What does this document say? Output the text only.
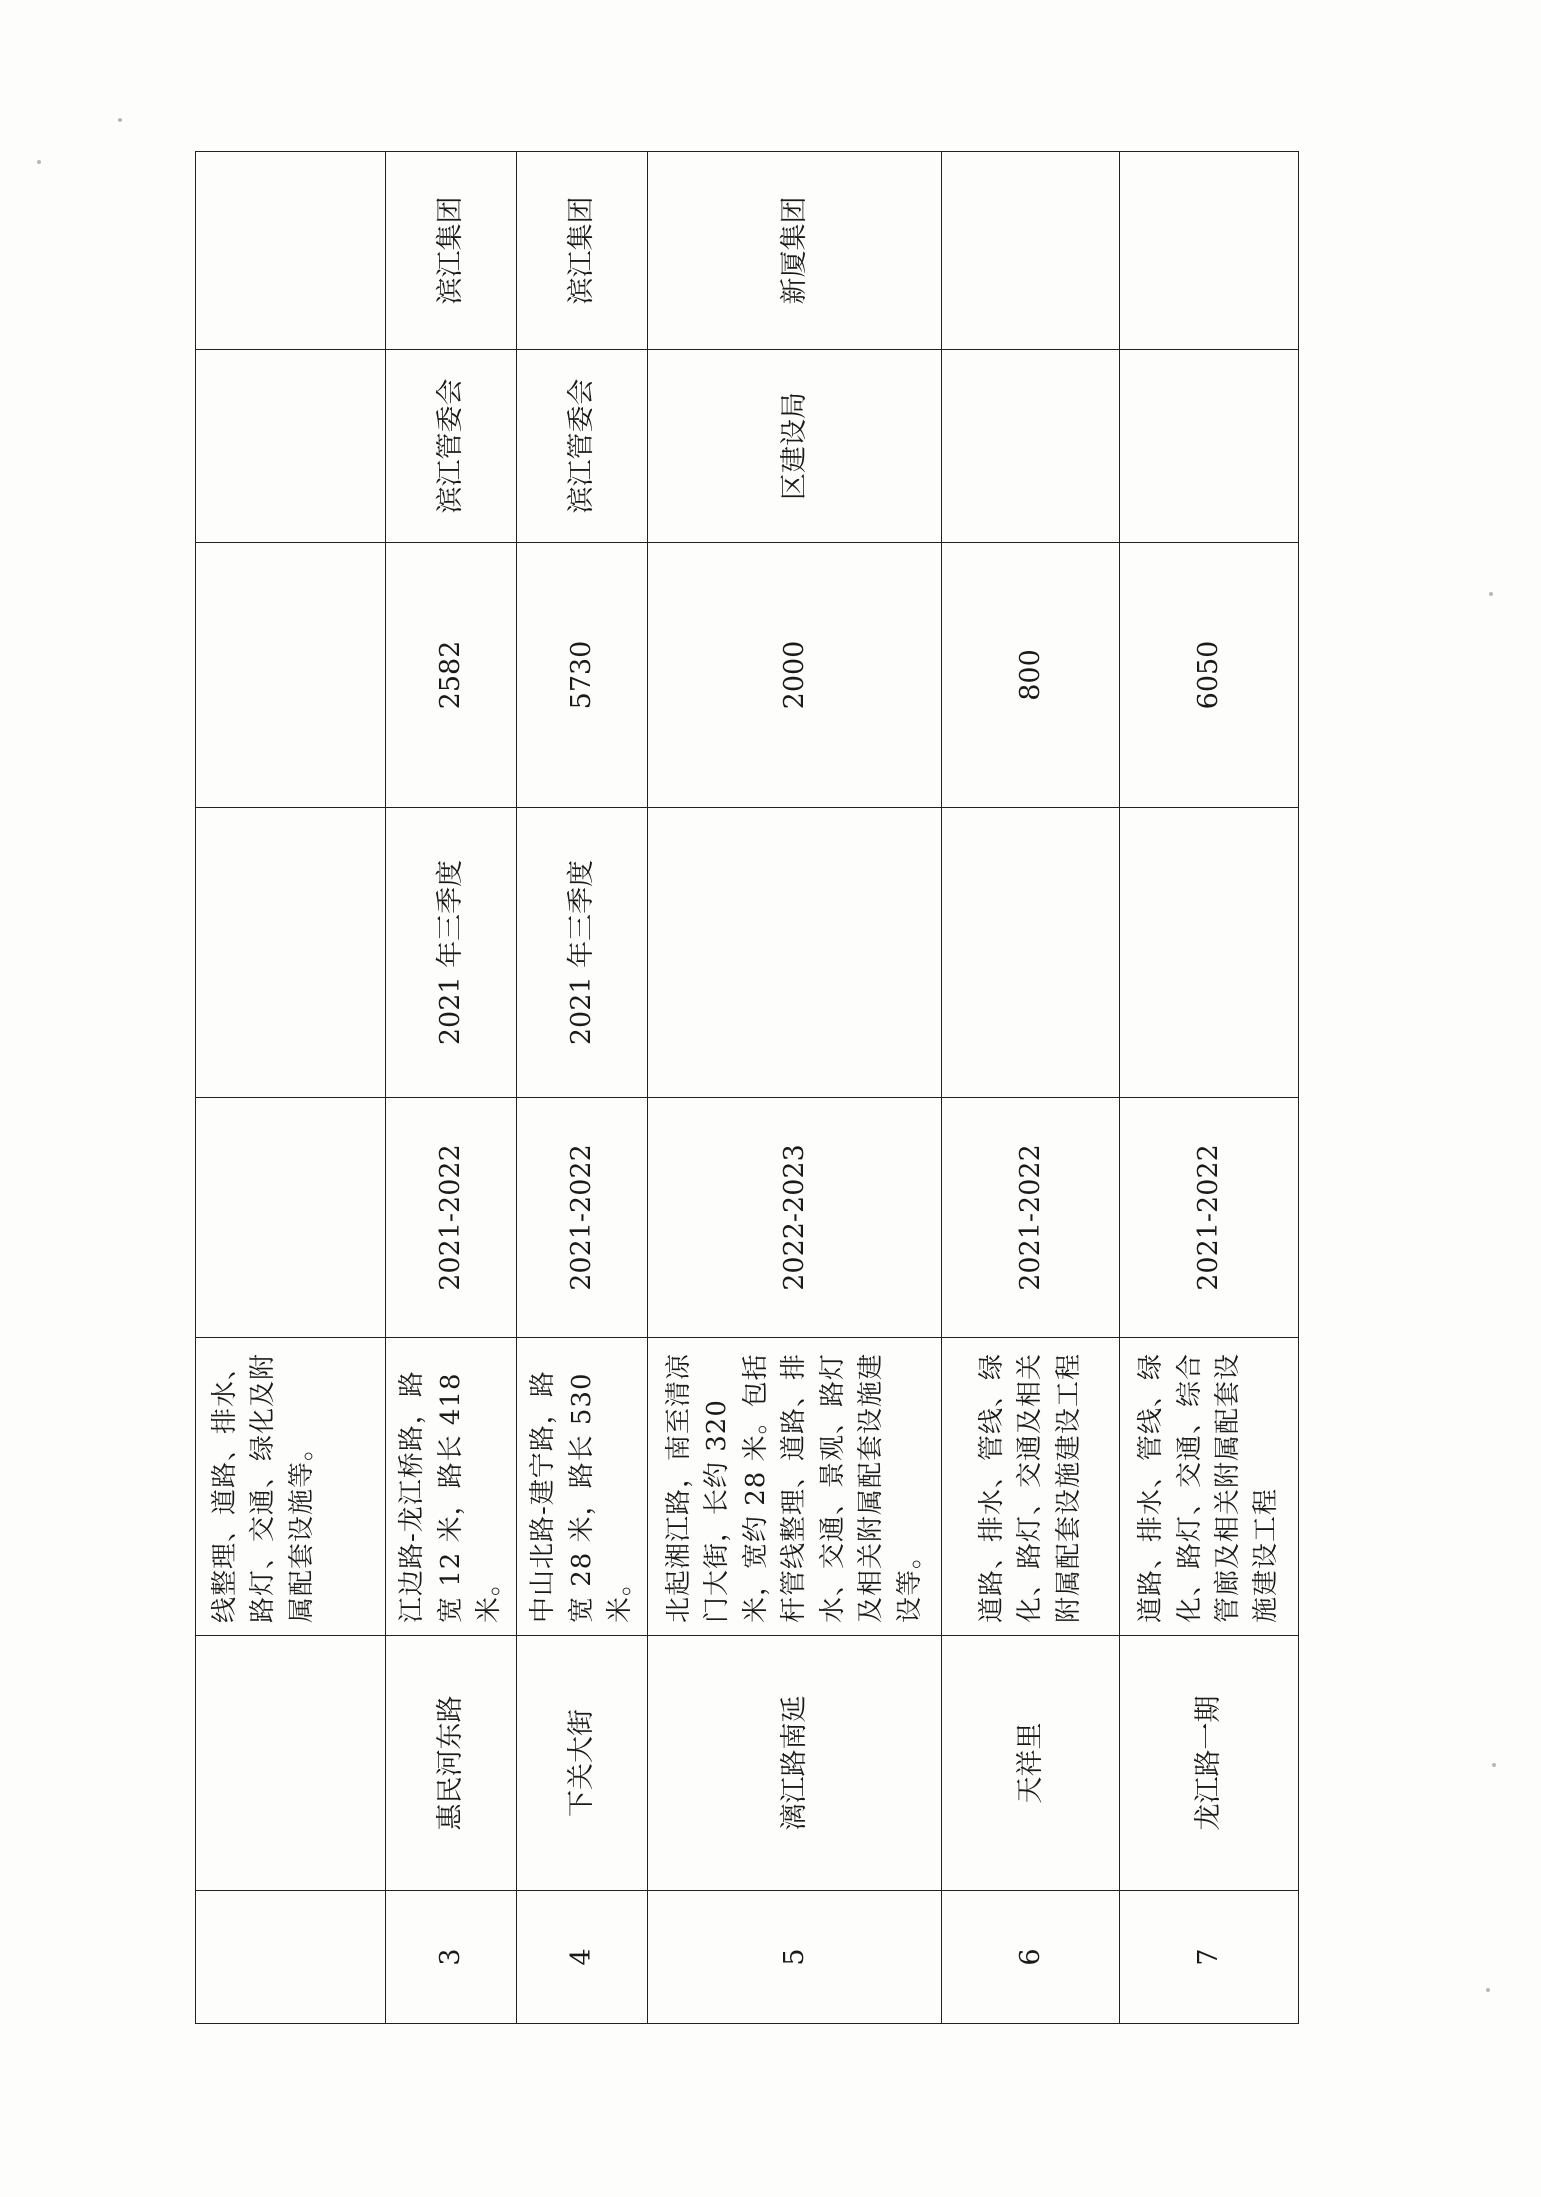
		线整理、道路、排水、路灯、交通、绿化及附属配套设施等。					
3	惠民河东路	江边路-龙江桥路，路宽 12 米，路长 418 米。	2021-2022	2021 年三季度	2582	滨江管委会	滨江集团
4	下关大街	中山北路-建宁路，路宽 28 米，路长 530 米。	2021-2022	2021 年三季度	5730	滨江管委会	滨江集团
5	漓江路南延	北起湘江路，南至清凉门大街，长约 320 米，宽约 28 米。包括杆管线整理、道路、排水、交通、景观、路灯及相关附属配套设施建设等。	2022-2023		2000	区建设局	新厦集团
6	天祥里	道路、排水、管线、绿化、路灯、交通及相关附属配套设施建设工程	2021-2022		800		
7	龙江路一期	道路、排水、管线、绿化、路灯、交通、综合管廊及相关附属配套设施建设工程	2021-2022		6050		
